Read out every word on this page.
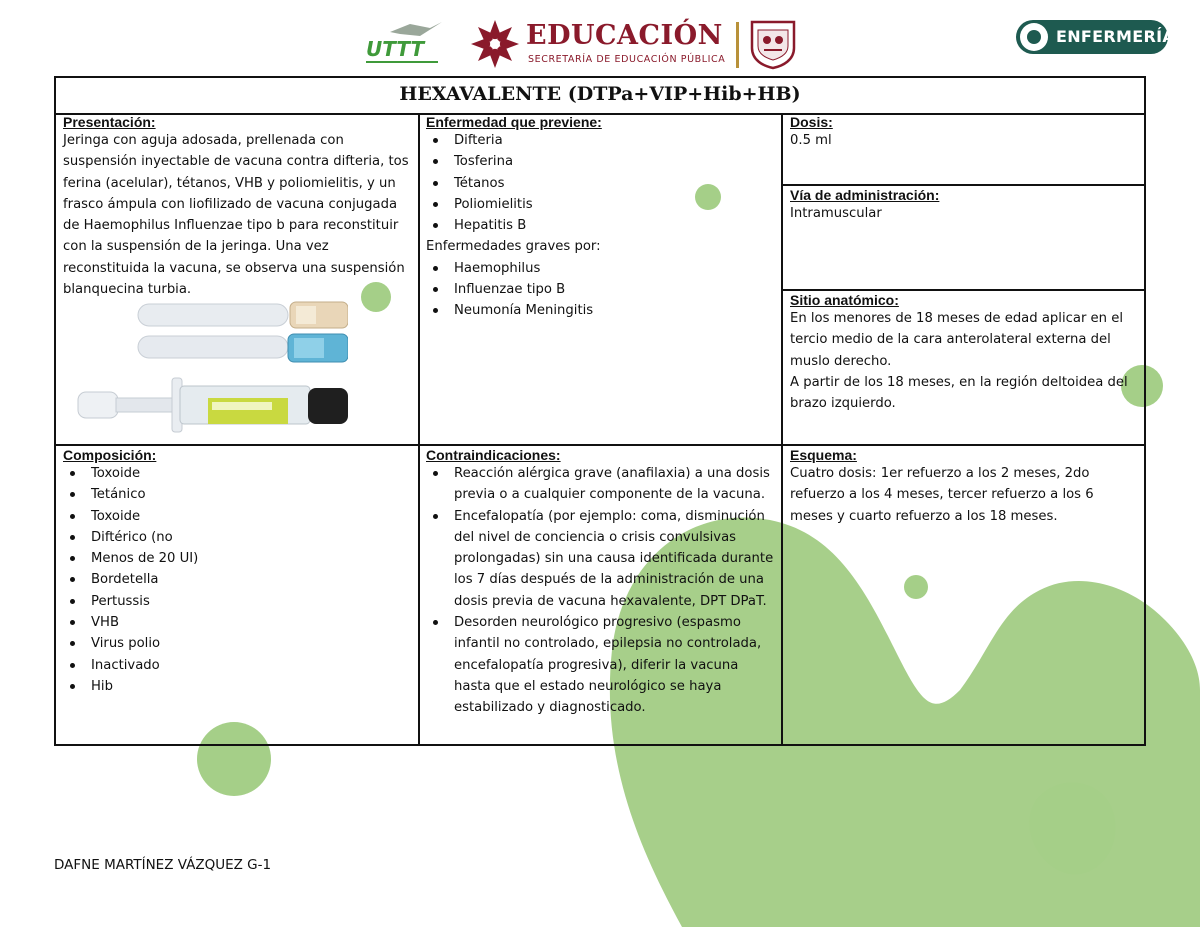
UTTT	EDUCACIÓN
SECRETARÍA DE EDUCACIÓN PÚBLICA
ENFERMERÍA
HEXAVALENTE (DTPa+VIP+Hib+HB)
Presentación:

Jeringa con aguja adosada, prellenada con suspensión inyectable de vacuna contra difteria, tos ferina (acelular), tétanos, VHB y poliomielitis, y un frasco ámpula con liofilizado de vacuna conjugada de Haemophilus Influenzae tipo b para reconstituir con la suspensión de la jeringa. Una vez reconstituida la vacuna, se observa una suspensión blanquecina turbia.

Enfermedad que previene:
Difteria
Tosferina
Tétanos
Poliomielitis
Hepatitis B

Enfermedades graves por:

Haemophilus
Influenzae tipo B
Neumonía Meningitis
Dosis:

0.5 ml

Vía de administración:

Intramuscular

Sitio anatómico:

En los menores de 18 meses de edad aplicar en el tercio medio de la cara anterolateral externa del muslo derecho.

A partir de los 18 meses, en la región deltoidea del brazo izquierdo.

Composición:
Toxoide
Tetánico
Toxoide
Diftérico (no
Menos de 20 UI)
Bordetella
Pertussis
VHB
Virus polio
Inactivado
Hib
Contraindicaciones:
Reacción alérgica grave (anafilaxia) a una dosis previa o a cualquier componente de la vacuna.
Encefalopatía (por ejemplo: coma, disminución del nivel de conciencia o crisis convulsivas prolongadas) sin una causa identificada durante los 7 días después de la administración de una dosis previa de vacuna hexavalente, DPT DPaT.
Desorden neurológico progresivo (espasmo infantil no controlado, epilepsia no controlada, encefalopatía progresiva), diferir la vacuna hasta que el estado neurológico se haya estabilizado y diagnosticado.
Esquema:

Cuatro dosis: 1er refuerzo a los 2 meses, 2do refuerzo a los 4 meses, tercer refuerzo a los 6 meses y cuarto refuerzo a los 18 meses.

DAFNE MARTÍNEZ VÁZQUEZ G-1
